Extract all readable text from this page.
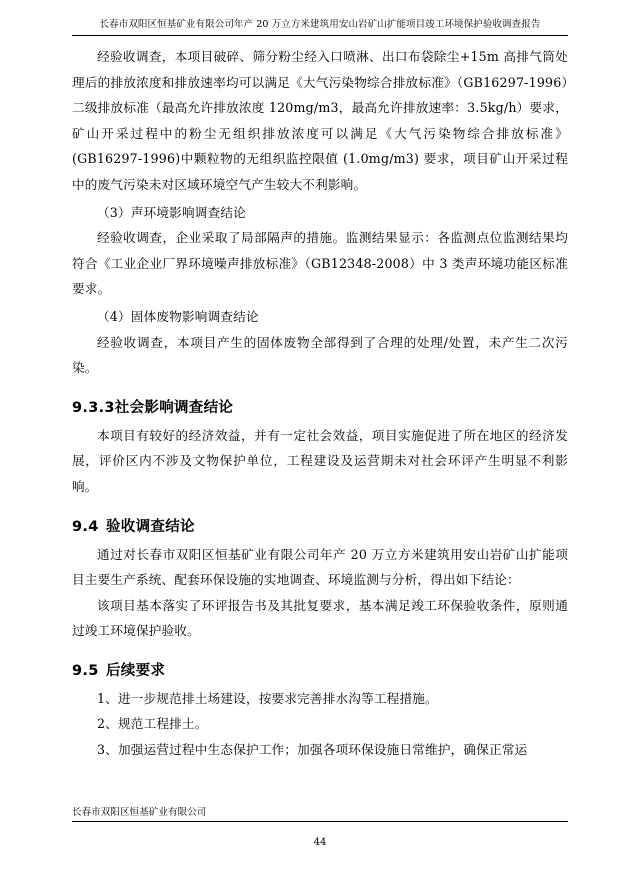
长春市双阳区恒基矿业有限公司年产 20 万立方米建筑用安山岩矿山扩能项目竣工环境保护验收调查报告

经验收调查，本项目破碎、筛分粉尘经入口喷淋、出口布袋除尘+15m 高排气筒处理后的排放浓度和排放速率均可以满足《大气污染物综合排放标准》（GB16297-1996）二级排放标准（最高允许排放浓度 120mg/m3，最高允许排放速率：3.5kg/h）要求，矿山开采过程中的粉尘无组织排放浓度可以满足《大气污染物综合排放标准》(GB16297-1996)中颗粒物的无组织监控限值 (1.0mg/m3) 要求，项目矿山开采过程中的废气污染未对区域环境空气产生较大不利影响。

（3）声环境影响调查结论

经验收调查，企业采取了局部隔声的措施。监测结果显示：各监测点位监测结果均符合《工业企业厂界环境噪声排放标准》（GB12348-2008）中 3 类声环境功能区标准要求。

（4）固体废物影响调查结论

经验收调查，本项目产生的固体废物全部得到了合理的处理/处置，未产生二次污染。

9.3.3社会影响调查结论

本项目有较好的经济效益，并有一定社会效益，项目实施促进了所在地区的经济发展，评价区内不涉及文物保护单位，工程建设及运营期未对社会环评产生明显不利影响。

9.4 验收调查结论

通过对长春市双阳区恒基矿业有限公司年产 20 万立方米建筑用安山岩矿山扩能项目主要生产系统、配套环保设施的实地调查、环境监测与分析，得出如下结论：

该项目基本落实了环评报告书及其批复要求，基本满足竣工环保验收条件，原则通过竣工环境保护验收。

9.5 后续要求

1、进一步规范排土场建设，按要求完善排水沟等工程措施。

2、规范工程排土。

3、加强运营过程中生态保护工作；加强各项环保设施日常维护，确保正常运

长春市双阳区恒基矿业有限公司
44
